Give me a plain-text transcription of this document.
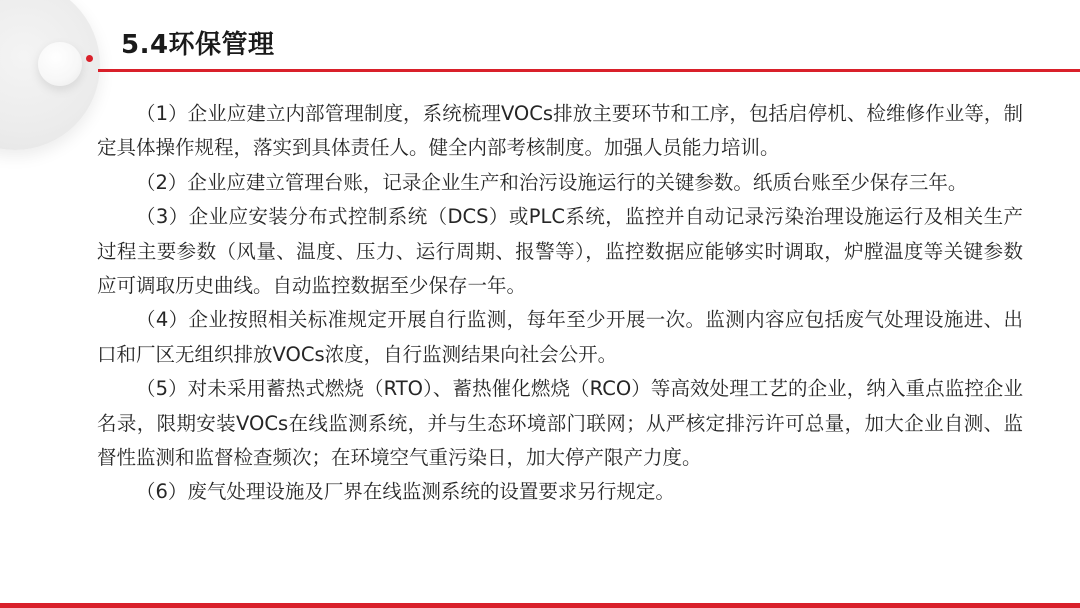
5.4环保管理

（1）企业应建立内部管理制度，系统梳理VOCs排放主要环节和工序，包括启停机、检维修作业等，制定具体操作规程，落实到具体责任人。健全内部考核制度。加强人员能力培训。

（2）企业应建立管理台账，记录企业生产和治污设施运行的关键参数。纸质台账至少保存三年。

（3）企业应安装分布式控制系统（DCS）或PLC系统，监控并自动记录污染治理设施运行及相关生产过程主要参数（风量、温度、压力、运行周期、报警等），监控数据应能够实时调取，炉膛温度等关键参数应可调取历史曲线。自动监控数据至少保存一年。

（4）企业按照相关标准规定开展自行监测，每年至少开展一次。监测内容应包括废气处理设施进、出口和厂区无组织排放VOCs浓度，自行监测结果向社会公开。

（5）对未采用蓄热式燃烧（RTO）、蓄热催化燃烧（RCO）等高效处理工艺的企业，纳入重点监控企业名录，限期安装VOCs在线监测系统，并与生态环境部门联网；从严核定排污许可总量，加大企业自测、监督性监测和监督检查频次；在环境空气重污染日，加大停产限产力度。

（6）废气处理设施及厂界在线监测系统的设置要求另行规定。
